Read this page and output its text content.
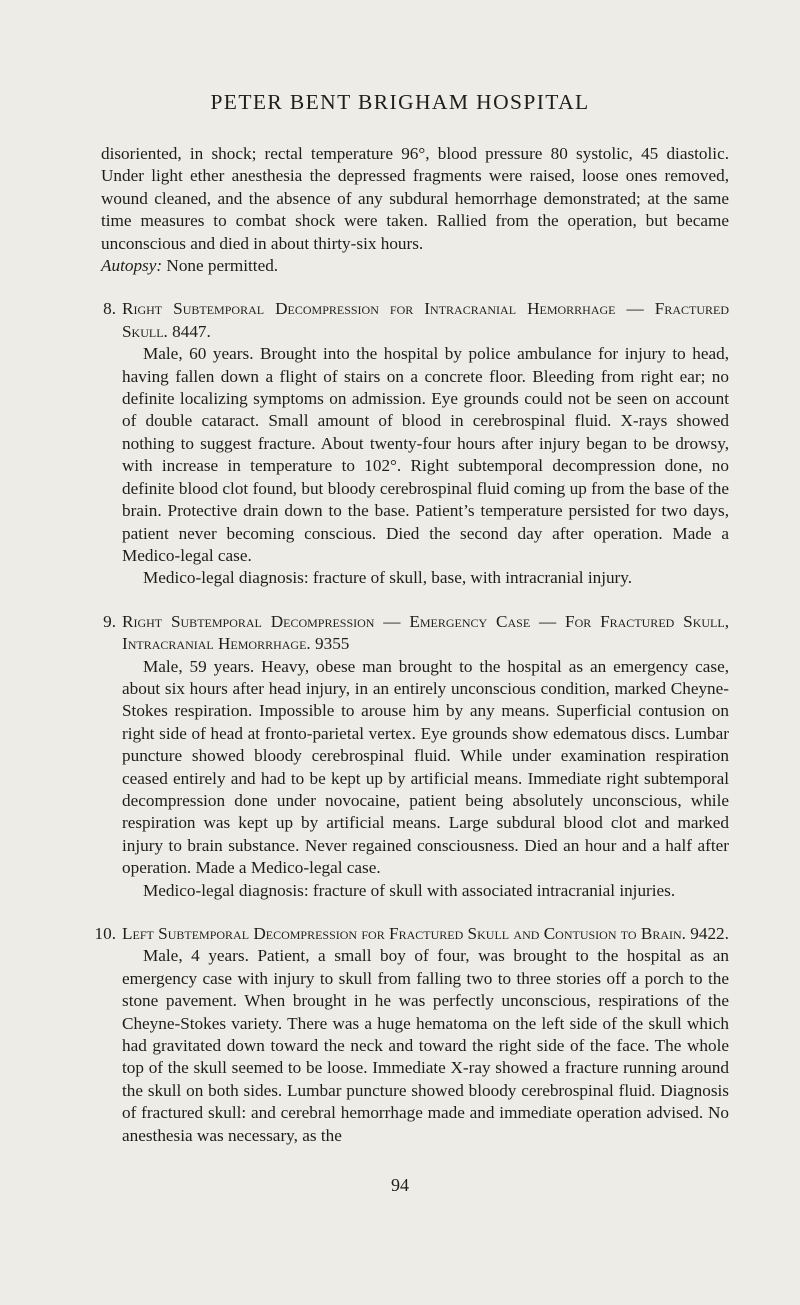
PETER BENT BRIGHAM HOSPITAL

disoriented, in shock; rectal temperature 96°, blood pressure 80 systolic, 45 diastolic. Under light ether anesthesia the depressed fragments were raised, loose ones removed, wound cleaned, and the absence of any subdural hemorrhage demonstrated; at the same time measures to combat shock were taken. Rallied from the operation, but became unconscious and died in about thirty-six hours.

Autopsy: None permitted.

8. Right Subtemporal Decompression for Intracranial Hemorrhage — Fractured Skull. 8447.

Male, 60 years. Brought into the hospital by police ambulance for injury to head, having fallen down a flight of stairs on a concrete floor. Bleeding from right ear; no definite localizing symptoms on admission. Eye grounds could not be seen on account of double cataract. Small amount of blood in cerebrospinal fluid. X-rays showed nothing to suggest fracture. About twenty-four hours after injury began to be drowsy, with increase in temperature to 102°. Right subtemporal decompression done, no definite blood clot found, but bloody cerebrospinal fluid coming up from the base of the brain. Protective drain down to the base. Patient’s temperature persisted for two days, patient never becoming conscious. Died the second day after operation. Made a Medico-legal case.

Medico-legal diagnosis: fracture of skull, base, with intracranial injury.

9. Right Subtemporal Decompression — Emergency Case — For Fractured Skull, Intracranial Hemorrhage. 9355

Male, 59 years. Heavy, obese man brought to the hospital as an emergency case, about six hours after head injury, in an entirely unconscious condition, marked Cheyne-Stokes respiration. Impossible to arouse him by any means. Superficial contusion on right side of head at fronto-parietal vertex. Eye grounds show edematous discs. Lumbar puncture showed bloody cerebrospinal fluid. While under examination respiration ceased entirely and had to be kept up by artificial means. Immediate right subtemporal decompression done under novocaine, patient being absolutely unconscious, while respiration was kept up by artificial means. Large subdural blood clot and marked injury to brain substance. Never regained consciousness. Died an hour and a half after operation. Made a Medico-legal case.

Medico-legal diagnosis: fracture of skull with associated intracranial injuries.

10. Left Subtemporal Decompression for Fractured Skull and Contusion to Brain. 9422.

Male, 4 years. Patient, a small boy of four, was brought to the hospital as an emergency case with injury to skull from falling two to three stories off a porch to the stone pavement. When brought in he was perfectly unconscious, respirations of the Cheyne-Stokes variety. There was a huge hematoma on the left side of the skull which had gravitated down toward the neck and toward the right side of the face. The whole top of the skull seemed to be loose. Immediate X-ray showed a fracture running around the skull on both sides. Lumbar puncture showed bloody cerebrospinal fluid. Diagnosis of fractured skull: and cerebral hemorrhage made and immediate operation advised. No anesthesia was necessary, as the

94
